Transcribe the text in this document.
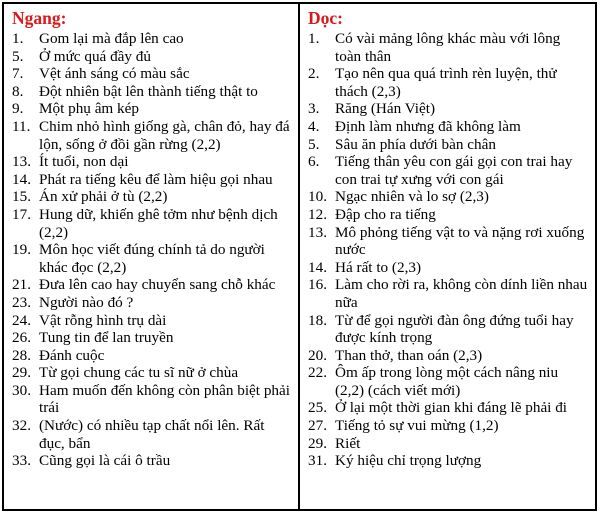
Ngang:
1.	Gom lại mà đắp lên cao
5.	Ở mức quá đầy đủ
7.	Vệt ánh sáng có màu sắc
8.	Đột nhiên bật lên thành tiếng thật to
9.	Một phụ âm kép
11. Chim nhỏ hình giống gà, chân đỏ, hay đá lộn, sống ở đồi gần rừng (2,2)
13. Ít tuổi, non dại
14. Phát ra tiếng kêu để làm hiệu gọi nhau
15. Án xử phải ở tù (2,2)
17. Hung dữ, khiến ghê tởm như bệnh dịch (2,2)
19. Môn học viết đúng chính tả do người khác đọc (2,2)
21. Đưa lên cao hay chuyển sang chỗ khác
23. Người nào đó ?
24. Vật rỗng hình trụ dài
26. Tung tin để lan truyền
28. Đánh cuộc
29. Từ gọi chung các tu sĩ nữ ở chùa
30. Ham muốn đến không còn phân biệt phải trái
32. (Nước) có nhiều tạp chất nổi lên. Rất đục, bẩn
33. Cũng gọi là cái ô trầu
Dọc:
1.	Có vài mảng lông khác màu với lông toàn thân
2.	Tạo nên qua quá trình rèn luyện, thử thách (2,3)
3.	Răng (Hán Việt)
4.	Định làm nhưng đã không làm
5.	Sâu ăn phía dưới bàn chân
6.	Tiếng thân yêu con gái gọi con trai hay con trai tự xưng với con gái
10. Ngạc nhiên và lo sợ (2,3)
12. Đập cho ra tiếng
13. Mô phỏng tiếng vật to và nặng rơi xuống nước
14. Há rất to (2,3)
16. Làm cho rời ra, không còn dính liền nhau nữa
18. Từ để gọi người đàn ông đứng tuổi hay được kính trọng
20. Than thở, than oán (2,3)
22. Ôm ấp trong lòng một cách nâng niu (2,2) (cách viết mới)
25. Ở lại một thời gian khi đáng lẽ phải đi
27. Tiếng tỏ sự vui mừng (1,2)
29. Riết
31. Ký hiệu chỉ trọng lượng
